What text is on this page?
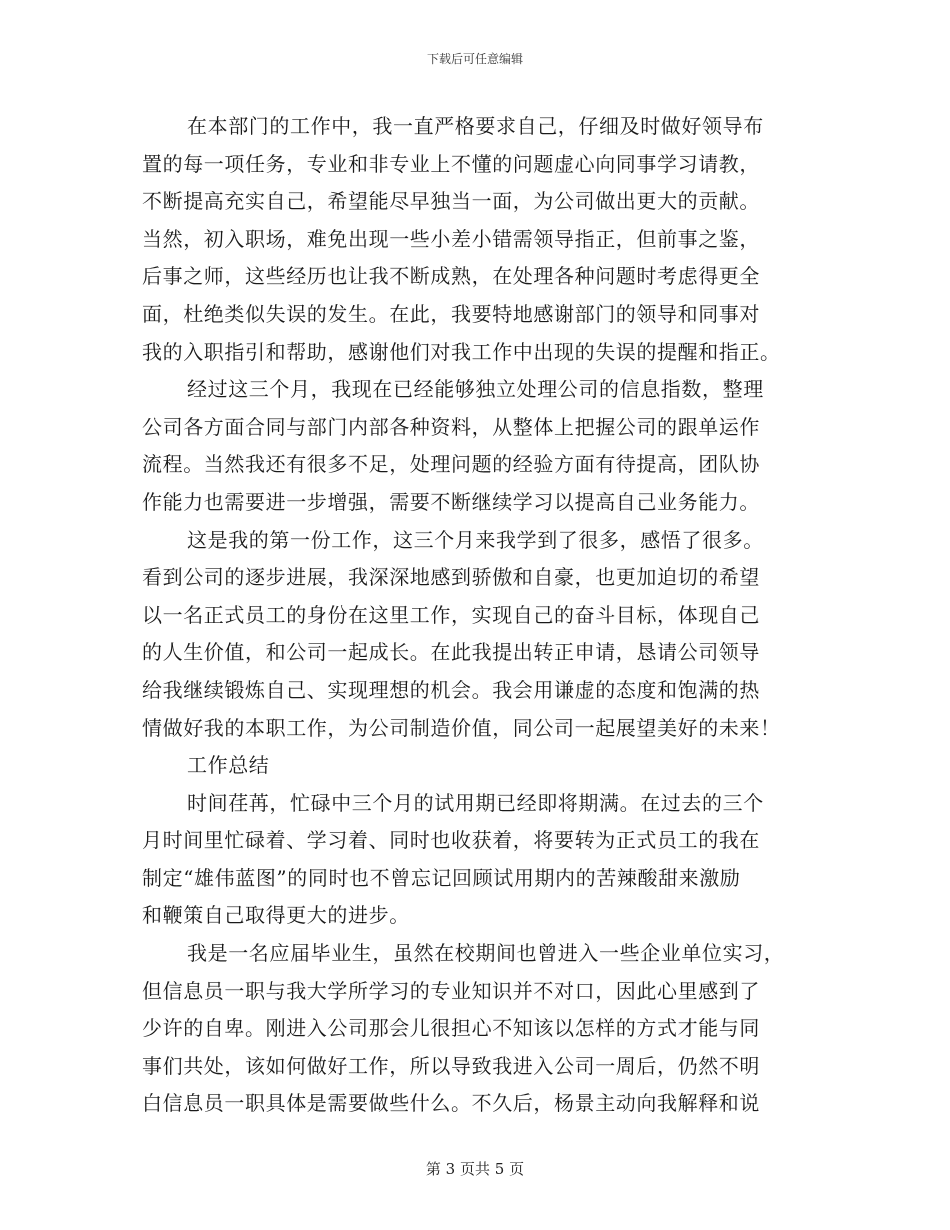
下载后可任意编辑
在本部门的工作中，我一直严格要求自己，仔细及时做好领导布
置的每一项任务，专业和非专业上不懂的问题虚心向同事学习请教，
不断提高充实自己，希望能尽早独当一面，为公司做出更大的贡献。
当然，初入职场，难免出现一些小差小错需领导指正，但前事之鉴，
后事之师，这些经历也让我不断成熟，在处理各种问题时考虑得更全
面，杜绝类似失误的发生。在此，我要特地感谢部门的领导和同事对
我的入职指引和帮助，感谢他们对我工作中出现的失误的提醒和指正。
经过这三个月，我现在已经能够独立处理公司的信息指数，整理
公司各方面合同与部门内部各种资料，从整体上把握公司的跟单运作
流程。当然我还有很多不足，处理问题的经验方面有待提高，团队协
作能力也需要进一步增强，需要不断继续学习以提高自己业务能力。
这是我的第一份工作，这三个月来我学到了很多，感悟了很多。
看到公司的逐步进展，我深深地感到骄傲和自豪，也更加迫切的希望
以一名正式员工的身份在这里工作，实现自己的奋斗目标，体现自己
的人生价值，和公司一起成长。在此我提出转正申请，恳请公司领导
给我继续锻炼自己、实现理想的机会。我会用谦虚的态度和饱满的热
情做好我的本职工作，为公司制造价值，同公司一起展望美好的未来！
工作总结
时间荏苒，忙碌中三个月的试用期已经即将期满。在过去的三个
月时间里忙碌着、学习着、同时也收获着，将要转为正式员工的我在
制定“雄伟蓝图”的同时也不曾忘记回顾试用期内的苦辣酸甜来激励
和鞭策自己取得更大的进步。
我是一名应届毕业生，虽然在校期间也曾进入一些企业单位实习，
但信息员一职与我大学所学习的专业知识并不对口，因此心里感到了
少许的自卑。刚进入公司那会儿很担心不知该以怎样的方式才能与同
事们共处，该如何做好工作，所以导致我进入公司一周后，仍然不明
白信息员一职具体是需要做些什么。不久后，杨景主动向我解释和说
第 3 页共 5 页
